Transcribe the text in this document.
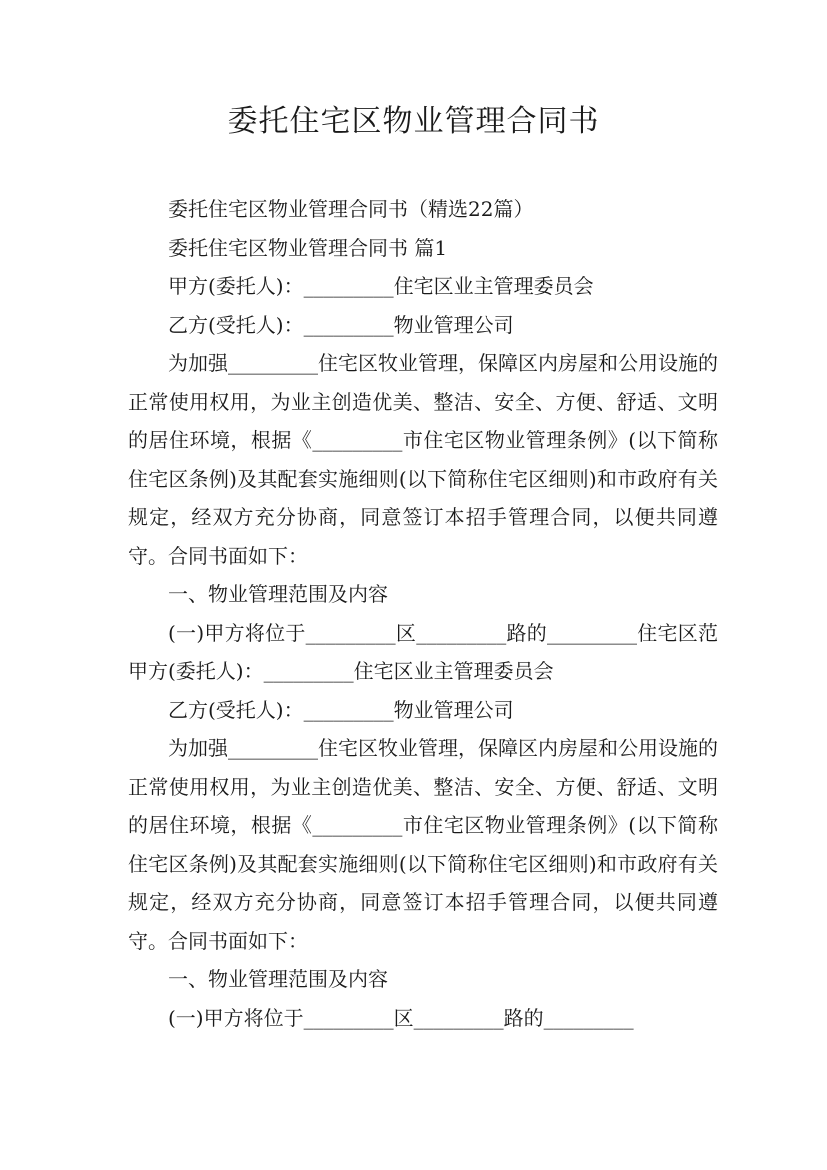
委托住宅区物业管理合同书

委托住宅区物业管理合同书（精选22篇）

委托住宅区物业管理合同书 篇1

甲方(委托人)：_________住宅区业主管理委员会

乙方(受托人)：_________物业管理公司

为加强_________住宅区牧业管理，保障区内房屋和公用设施的正常使用权用，为业主创造优美、整洁、安全、方便、舒适、文明的居住环境，根据《_________市住宅区物业管理条例》(以下简称住宅区条例)及其配套实施细则(以下简称住宅区细则)和市政府有关规定，经双方充分协商，同意签订本招手管理合同，以便共同遵守。合同书面如下：

一、物业管理范围及内容

(一)甲方将位于_________区_________路的_________住宅区范甲方(委托人)：_________住宅区业主管理委员会

乙方(受托人)：_________物业管理公司

为加强_________住宅区牧业管理，保障区内房屋和公用设施的正常使用权用，为业主创造优美、整洁、安全、方便、舒适、文明的居住环境，根据《_________市住宅区物业管理条例》(以下简称住宅区条例)及其配套实施细则(以下简称住宅区细则)和市政府有关规定，经双方充分协商，同意签订本招手管理合同，以便共同遵守。合同书面如下：

一、物业管理范围及内容

(一)甲方将位于_________区_________路的_________
